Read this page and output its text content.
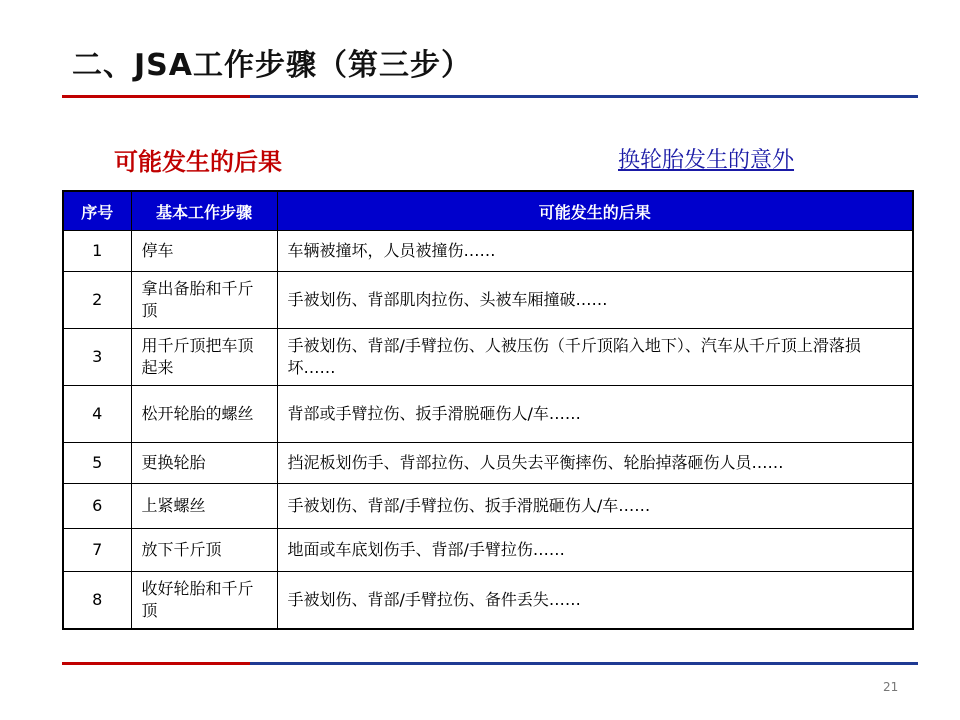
二、JSA工作步骤（第三步）
可能发生的后果	换轮胎发生的意外
序号	基本工作步骤	可能发生的后果
1	停车	车辆被撞坏，人员被撞伤……
2	拿出备胎和千斤顶	手被划伤、背部肌肉拉伤、头被车厢撞破……
3	用千斤顶把车顶起来	手被划伤、背部/手臂拉伤、人被压伤（千斤顶陷入地下）、汽车从千斤顶上滑落损坏……
4	松开轮胎的螺丝	背部或手臂拉伤、扳手滑脱砸伤人/车……
5	更换轮胎	挡泥板划伤手、背部拉伤、人员失去平衡摔伤、轮胎掉落砸伤人员……
6	上紧螺丝	手被划伤、背部/手臂拉伤、扳手滑脱砸伤人/车……
7	放下千斤顶	地面或车底划伤手、背部/手臂拉伤……
8	收好轮胎和千斤顶	手被划伤、背部/手臂拉伤、备件丢失……
21
